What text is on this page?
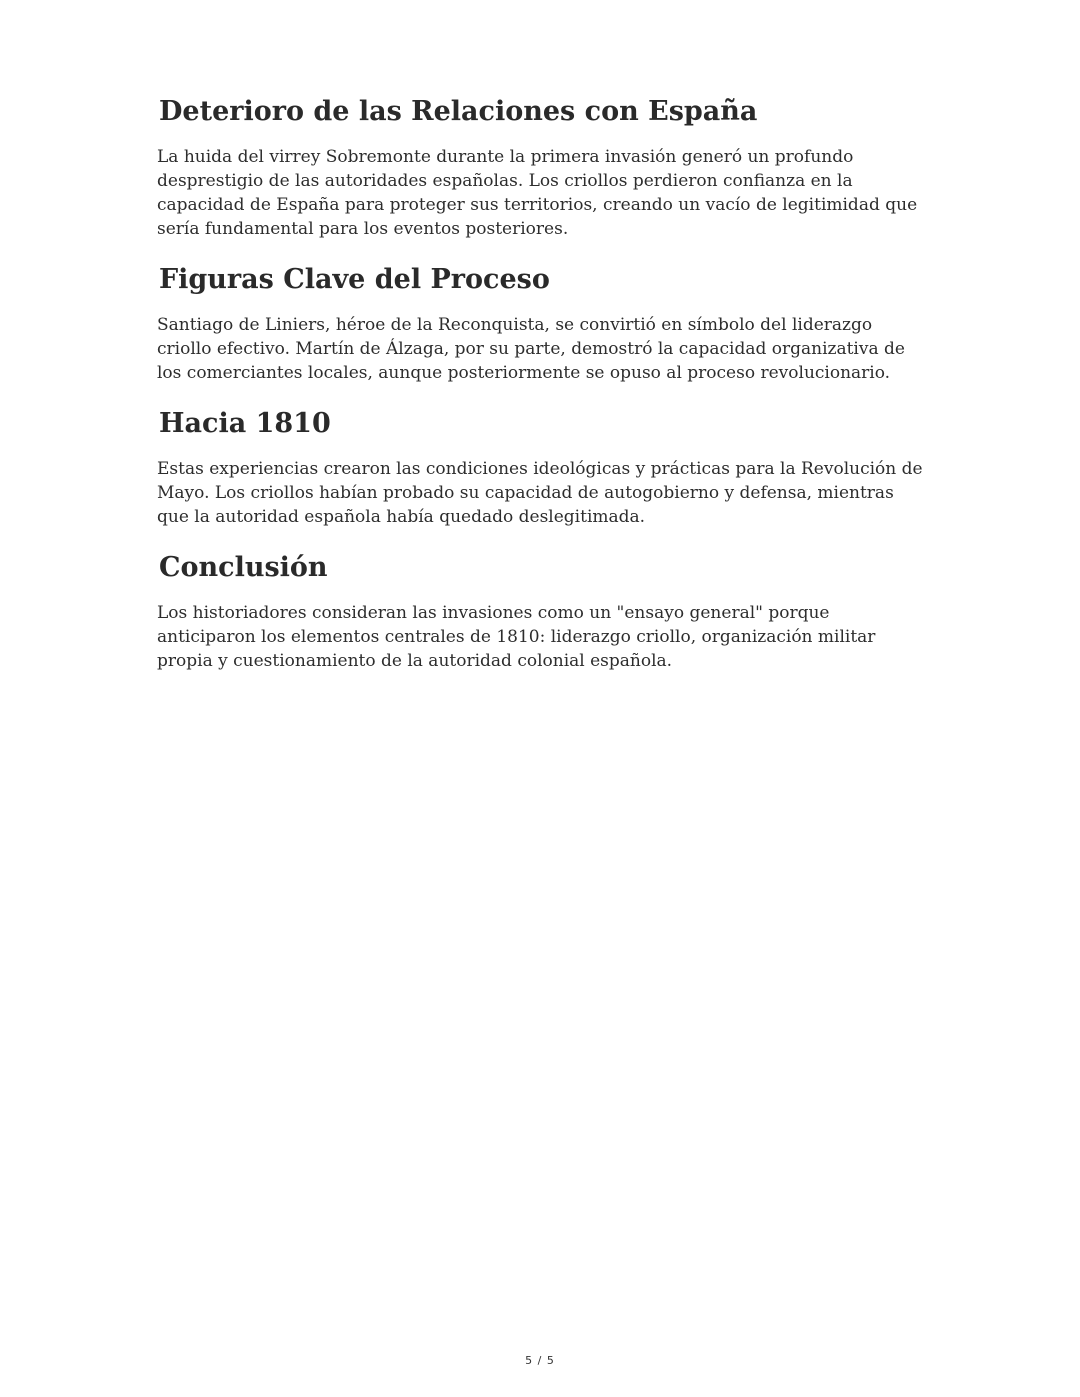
Deterioro de las Relaciones con España

La huida del virrey Sobremonte durante la primera invasión generó un profundo desprestigio de las autoridades españolas. Los criollos perdieron confianza en la capacidad de España para proteger sus territorios, creando un vacío de legitimidad que sería fundamental para los eventos posteriores.

Figuras Clave del Proceso

Santiago de Liniers, héroe de la Reconquista, se convirtió en símbolo del liderazgo criollo efectivo. Martín de Álzaga, por su parte, demostró la capacidad organizativa de los comerciantes locales, aunque posteriormente se opuso al proceso revolucionario.

Hacia 1810

Estas experiencias crearon las condiciones ideológicas y prácticas para la Revolución de Mayo. Los criollos habían probado su capacidad de autogobierno y defensa, mientras que la autoridad española había quedado deslegitimada.

Conclusión

Los historiadores consideran las invasiones como un "ensayo general" porque anticiparon los elementos centrales de 1810: liderazgo criollo, organización militar propia y cuestionamiento de la autoridad colonial española.

5 / 5
